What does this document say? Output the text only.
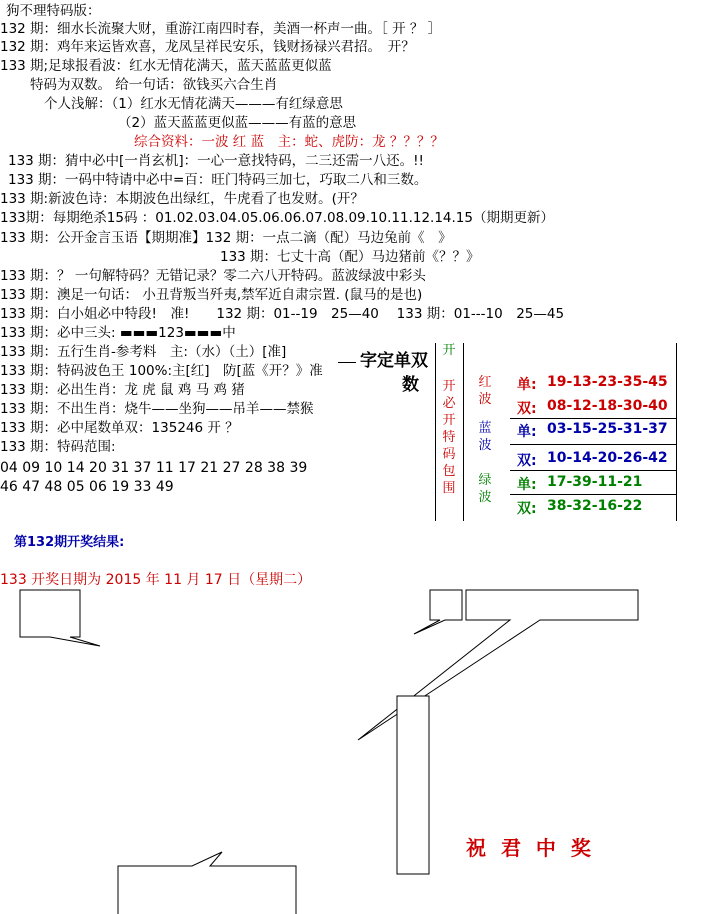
狗不理特码版：
132 期：细水长流聚大财，重游江南四时春，美酒一杯声一曲。［ 开 ？ ］
132 期：鸡年来运皆欢喜，龙凤呈祥民安乐，钱财扬禄兴君招。　开？
133 期;足球报看波：红水无情花满天，蓝天蓝蓝更似蓝
特码为双数。 给一句话：欲钱买六合生肖
个人浅解：（1）红水无情花满天———有红绿意思
（2）蓝天蓝蓝更似蓝———有蓝的意思
综合资料：一波 红 蓝　主：蛇、虎防：龙 ？？？？
133 期：猜中必中[一肖玄机]：一心一意找特码，二三还需一八还。!!
133 期：一码中特请中必中=百：旺门特码三加七，巧取二八和三数。
133 期:新波色诗：本期波色出绿红，牛虎看了也发财。(开？
133期：每期绝杀15码 ：01.02.03.04.05.06.06.07.08.09.10.11.12.14.15（期期更新）
133 期：公开金言玉语【期期准】132 期：一点二滴（配）马边兔前《　》
133 期：七丈十高（配）马边猪前《？？》
133 期：？ 一句解特码？无错记录？零二六八开特码。蓝波绿波中彩头
133 期：澳足一句话： 小丑背叛当歼夷,禁军近自肃宗置. (鼠马的是也)
133 期：白小姐必中特段!　准!　　132 期：01--19　25—40　 133 期：01---10　25—45
133 期：必中三头: ▬▬▬123▬▬▬中
133 期：五行生肖-参考料　主:（水）（土）[准]
133 期：特码波色王 100%:主[红]　防[蓝《开？》准
133 期：必出生肖：龙 虎 鼠 鸡 马 鸡 猪
133 期：不出生肖：烧牛——坐狗——吊羊——禁猴
133 期：必中尾数单双：135246 开 ？
133 期：特码范围:
04 09 10 14 20 31 37 11 17 21 27 28 38 39
46 47 48 05 06 19 33 49
字定单双
数
开
开必开特码包围
红波
蓝波
绿波
单: 19-13-23-35-45
双: 08-12-18-30-40
单: 03-15-25-31-37
双: 10-14-20-26-42
单: 17-39-11-21
双: 38-32-16-22
第132期开奖结果:
133 开奖日期为 2015 年 11 月 17 日（星期二）
祝 君 中 奖
